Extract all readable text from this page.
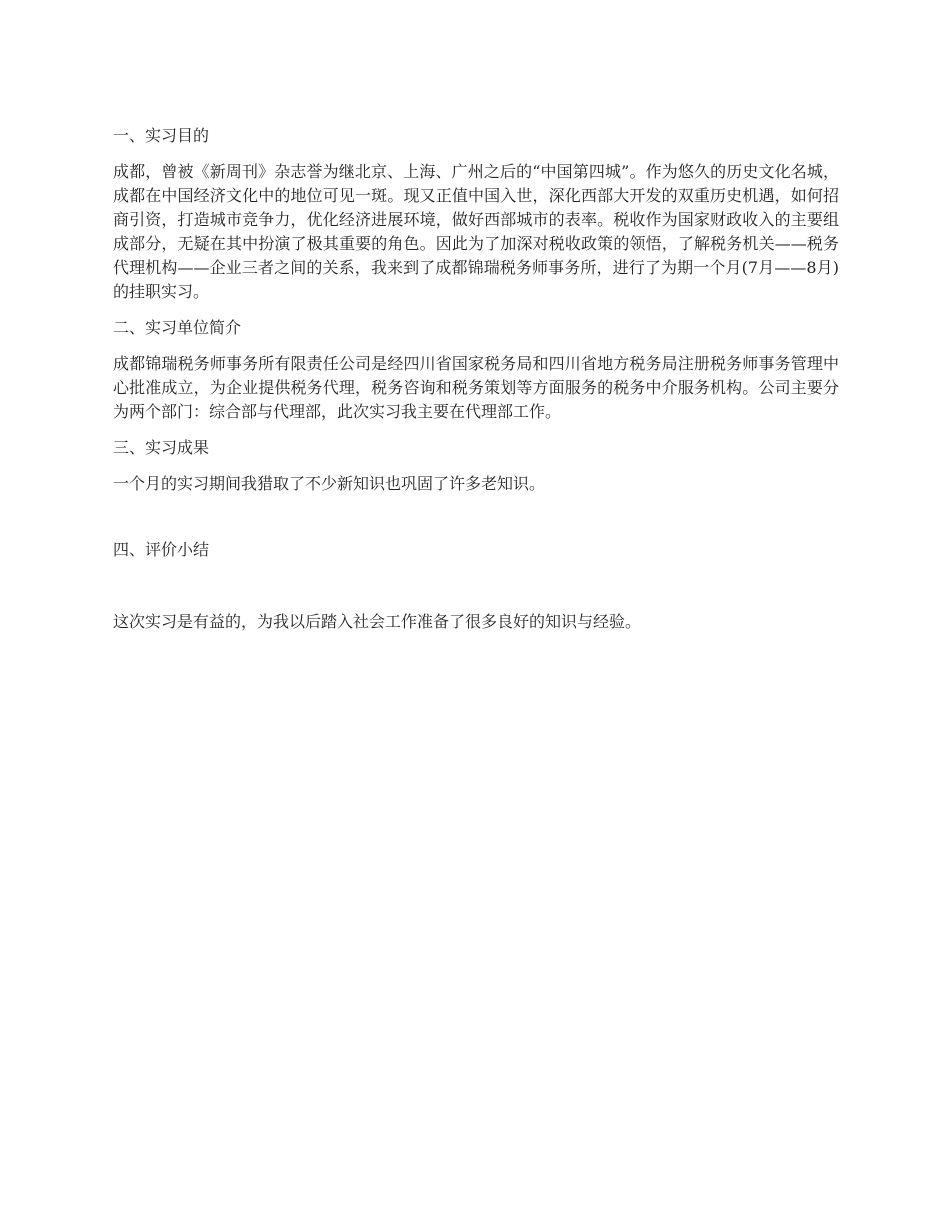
一、实习目的
成都，曾被《新周刊》杂志誉为继北京、上海、广州之后的“中国第四城”。作为悠久的历史文化名城，成都在中国经济文化中的地位可见一斑。现又正值中国入世，深化西部大开发的双重历史机遇，如何招商引资，打造城市竞争力，优化经济进展环境，做好西部城市的表率。税收作为国家财政收入的主要组成部分，无疑在其中扮演了极其重要的角色。因此为了加深对税收政策的领悟，了解税务机关——税务代理机构——企业三者之间的关系，我来到了成都锦瑞税务师事务所，进行了为期一个月(7月——8月)的挂职实习。
二、实习单位简介
成都锦瑞税务师事务所有限责任公司是经四川省国家税务局和四川省地方税务局注册税务师事务管理中心批准成立，为企业提供税务代理，税务咨询和税务策划等方面服务的税务中介服务机构。公司主要分为两个部门：综合部与代理部，此次实习我主要在代理部工作。
三、实习成果
一个月的实习期间我猎取了不少新知识也巩固了许多老知识。
四、评价小结
这次实习是有益的，为我以后踏入社会工作准备了很多良好的知识与经验。
